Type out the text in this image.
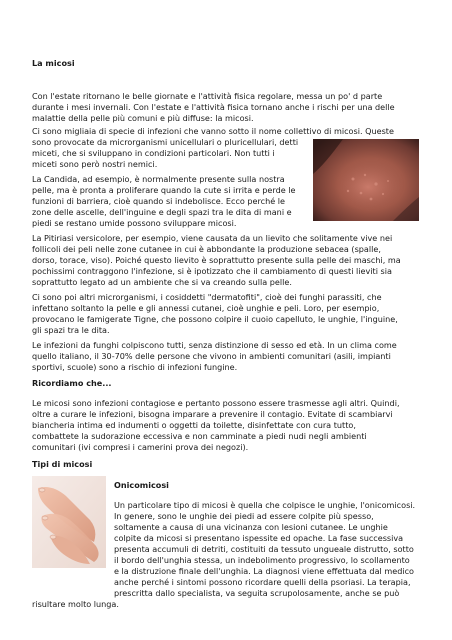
La micosi

Con l'estate ritornano le belle giornate e l'attività fisica regolare, messa un po' d parte

durante i mesi invernali. Con l'estate e l'attività fisica tornano anche i rischi per una delle

malattie della pelle più comuni e più diffuse: la micosi.

Ci sono migliaia di specie di infezioni che vanno sotto il nome collettivo di micosi. Queste

sono provocate da microrganismi unicellulari o pluricellulari, detti

miceti, che si sviluppano in condizioni particolari. Non tutti i

miceti sono però nostri nemici.

La Candida, ad esempio, è normalmente presente sulla nostra

pelle, ma è pronta a proliferare quando la cute si irrita e perde le

funzioni di barriera, cioè quando si indebolisce. Ecco perché le

zone delle ascelle, dell'inguine e degli spazi tra le dita di mani e

piedi se restano umide possono sviluppare micosi.

La Pitiriasi versicolore, per esempio, viene causata da un lievito che solitamente vive nei

follicoli dei peli nelle zone cutanee in cui è abbondante la produzione sebacea (spalle,

dorso, torace, viso). Poiché questo lievito è soprattutto presente sulla pelle dei maschi, ma

pochissimi contraggono l'infezione, si è ipotizzato che il cambiamento di questi lieviti sia

soprattutto legato ad un ambiente che si va creando sulla pelle.

Ci sono poi altri microrganismi, i cosiddetti "dermatofiti", cioè dei funghi parassiti, che

infettano soltanto la pelle e gli annessi cutanei, cioè unghie e peli. Loro, per esempio,

provocano le famigerate Tigne, che possono colpire il cuoio capelluto, le unghie, l'inguine,

gli spazi tra le dita.

Le infezioni da funghi colpiscono tutti, senza distinzione di sesso ed età. In un clima come

quello italiano, il 30-70% delle persone che vivono in ambienti comunitari (asili, impianti

sportivi, scuole) sono a rischio di infezioni fungine.

Ricordiamo che...

Le micosi sono infezioni contagiose e pertanto possono essere trasmesse agli altri. Quindi,

oltre a curare le infezioni, bisogna imparare a prevenire il contagio. Evitate di scambiarvi

biancheria intima ed indumenti o oggetti da toilette, disinfettate con cura tutto,

combattete la sudorazione eccessiva e non camminate a piedi nudi negli ambienti

comunitari (ivi compresi i camerini prova dei negozi).

Tipi di micosi

Onicomicosi

Un particolare tipo di micosi è quella che colpisce le unghie, l'onicomicosi.

In genere, sono le unghie dei piedi ad essere colpite più spesso,

soltamente a causa di una vicinanza con lesioni cutanee. Le unghie

colpite da micosi si presentano ispessite ed opache. La fase successiva

presenta accumuli di detriti, costituiti da tessuto ungueale distrutto, sotto

il bordo dell'unghia stessa, un indebolimento progressivo, lo scollamento

e la distruzione finale dell'unghia. La diagnosi viene effettuata dal medico

anche perché i sintomi possono ricordare quelli della psoriasi. La terapia,

prescritta dallo specialista, va seguita scrupolosamente, anche se può

risultare molto lunga.
